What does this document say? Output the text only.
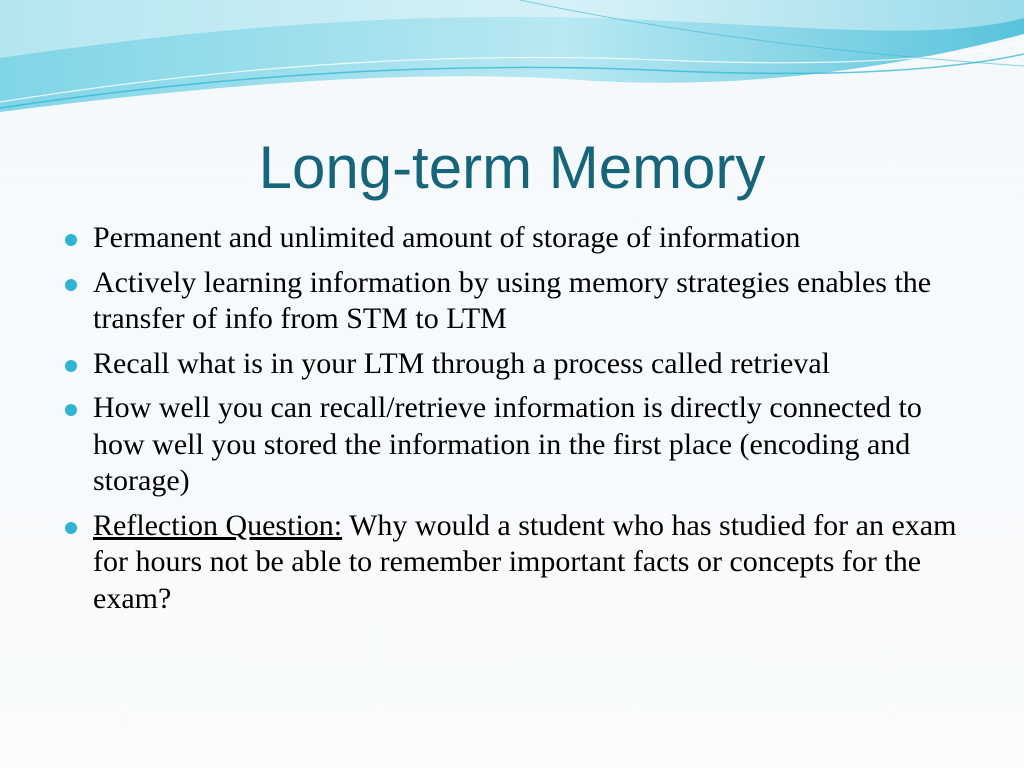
Long-term Memory
Permanent and unlimited amount of storage of information
Actively learning information by using memory strategies enables the transfer of info from STM to LTM
Recall what is in your LTM through a process called retrieval
How well you can recall/retrieve information is directly connected to how well you stored the information in the first place (encoding and storage)
Reflection Question: Why would a student who has studied for an exam for hours not be able to remember important facts or concepts for the exam?
